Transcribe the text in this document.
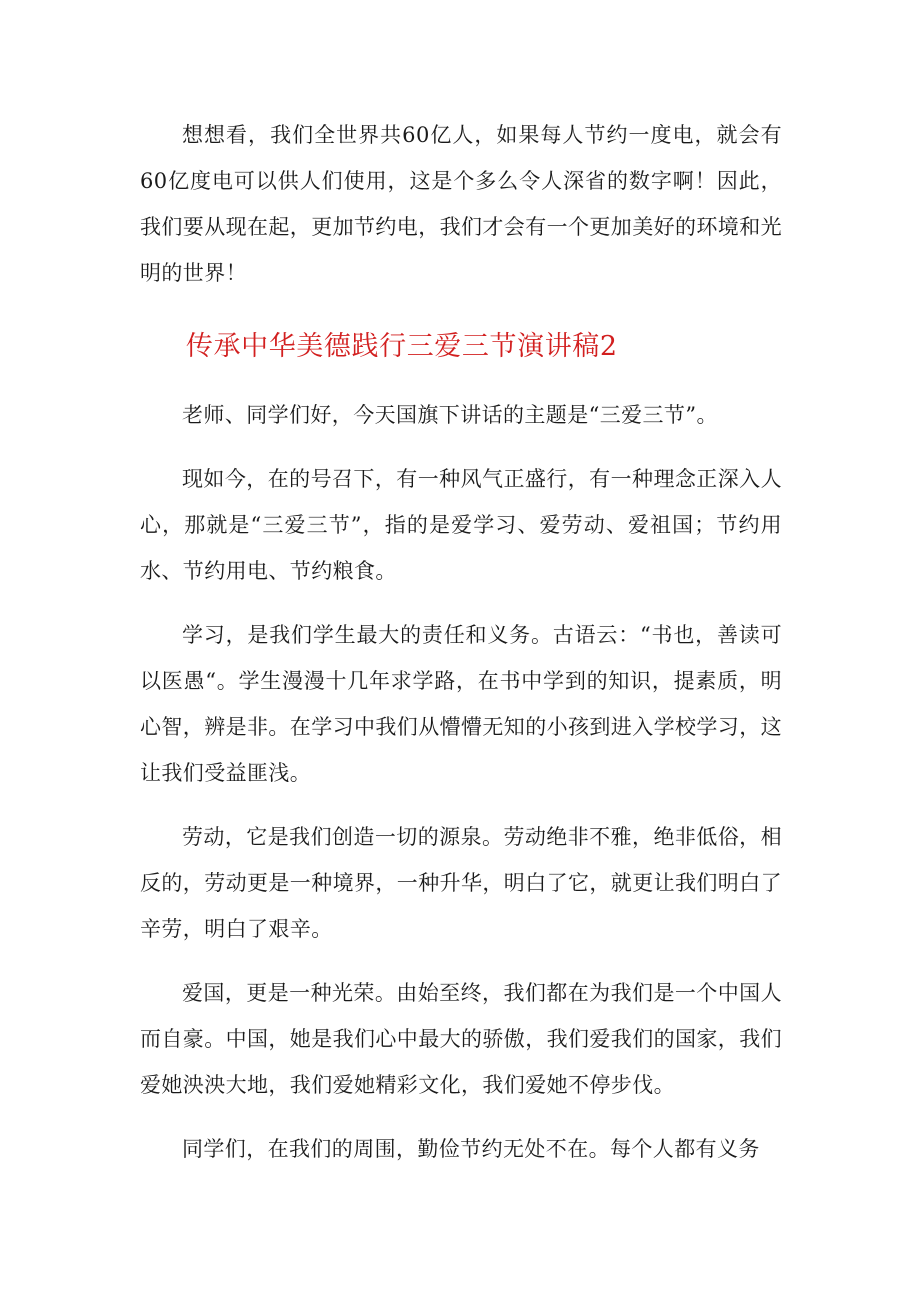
想想看，我们全世界共60亿人，如果每人节约一度电，就会有60亿度电可以供人们使用，这是个多么令人深省的数字啊！因此，我们要从现在起，更加节约电，我们才会有一个更加美好的环境和光明的世界！

传承中华美德践行三爱三节演讲稿2

老师、同学们好，今天国旗下讲话的主题是“三爱三节”。

现如今，在的号召下，有一种风气正盛行，有一种理念正深入人心，那就是“三爱三节”，指的是爱学习、爱劳动、爱祖国；节约用水、节约用电、节约粮食。

学习，是我们学生最大的责任和义务。古语云：“书也，善读可以医愚“。学生漫漫十几年求学路，在书中学到的知识，提素质，明心智，辨是非。在学习中我们从懵懵无知的小孩到进入学校学习，这让我们受益匪浅。

劳动，它是我们创造一切的源泉。劳动绝非不雅，绝非低俗，相反的，劳动更是一种境界，一种升华，明白了它，就更让我们明白了辛劳，明白了艰辛。

爱国，更是一种光荣。由始至终，我们都在为我们是一个中国人而自豪。中国，她是我们心中最大的骄傲，我们爱我们的国家，我们爱她泱泱大地，我们爱她精彩文化，我们爱她不停步伐。

同学们，在我们的周围，勤俭节约无处不在。每个人都有义务
